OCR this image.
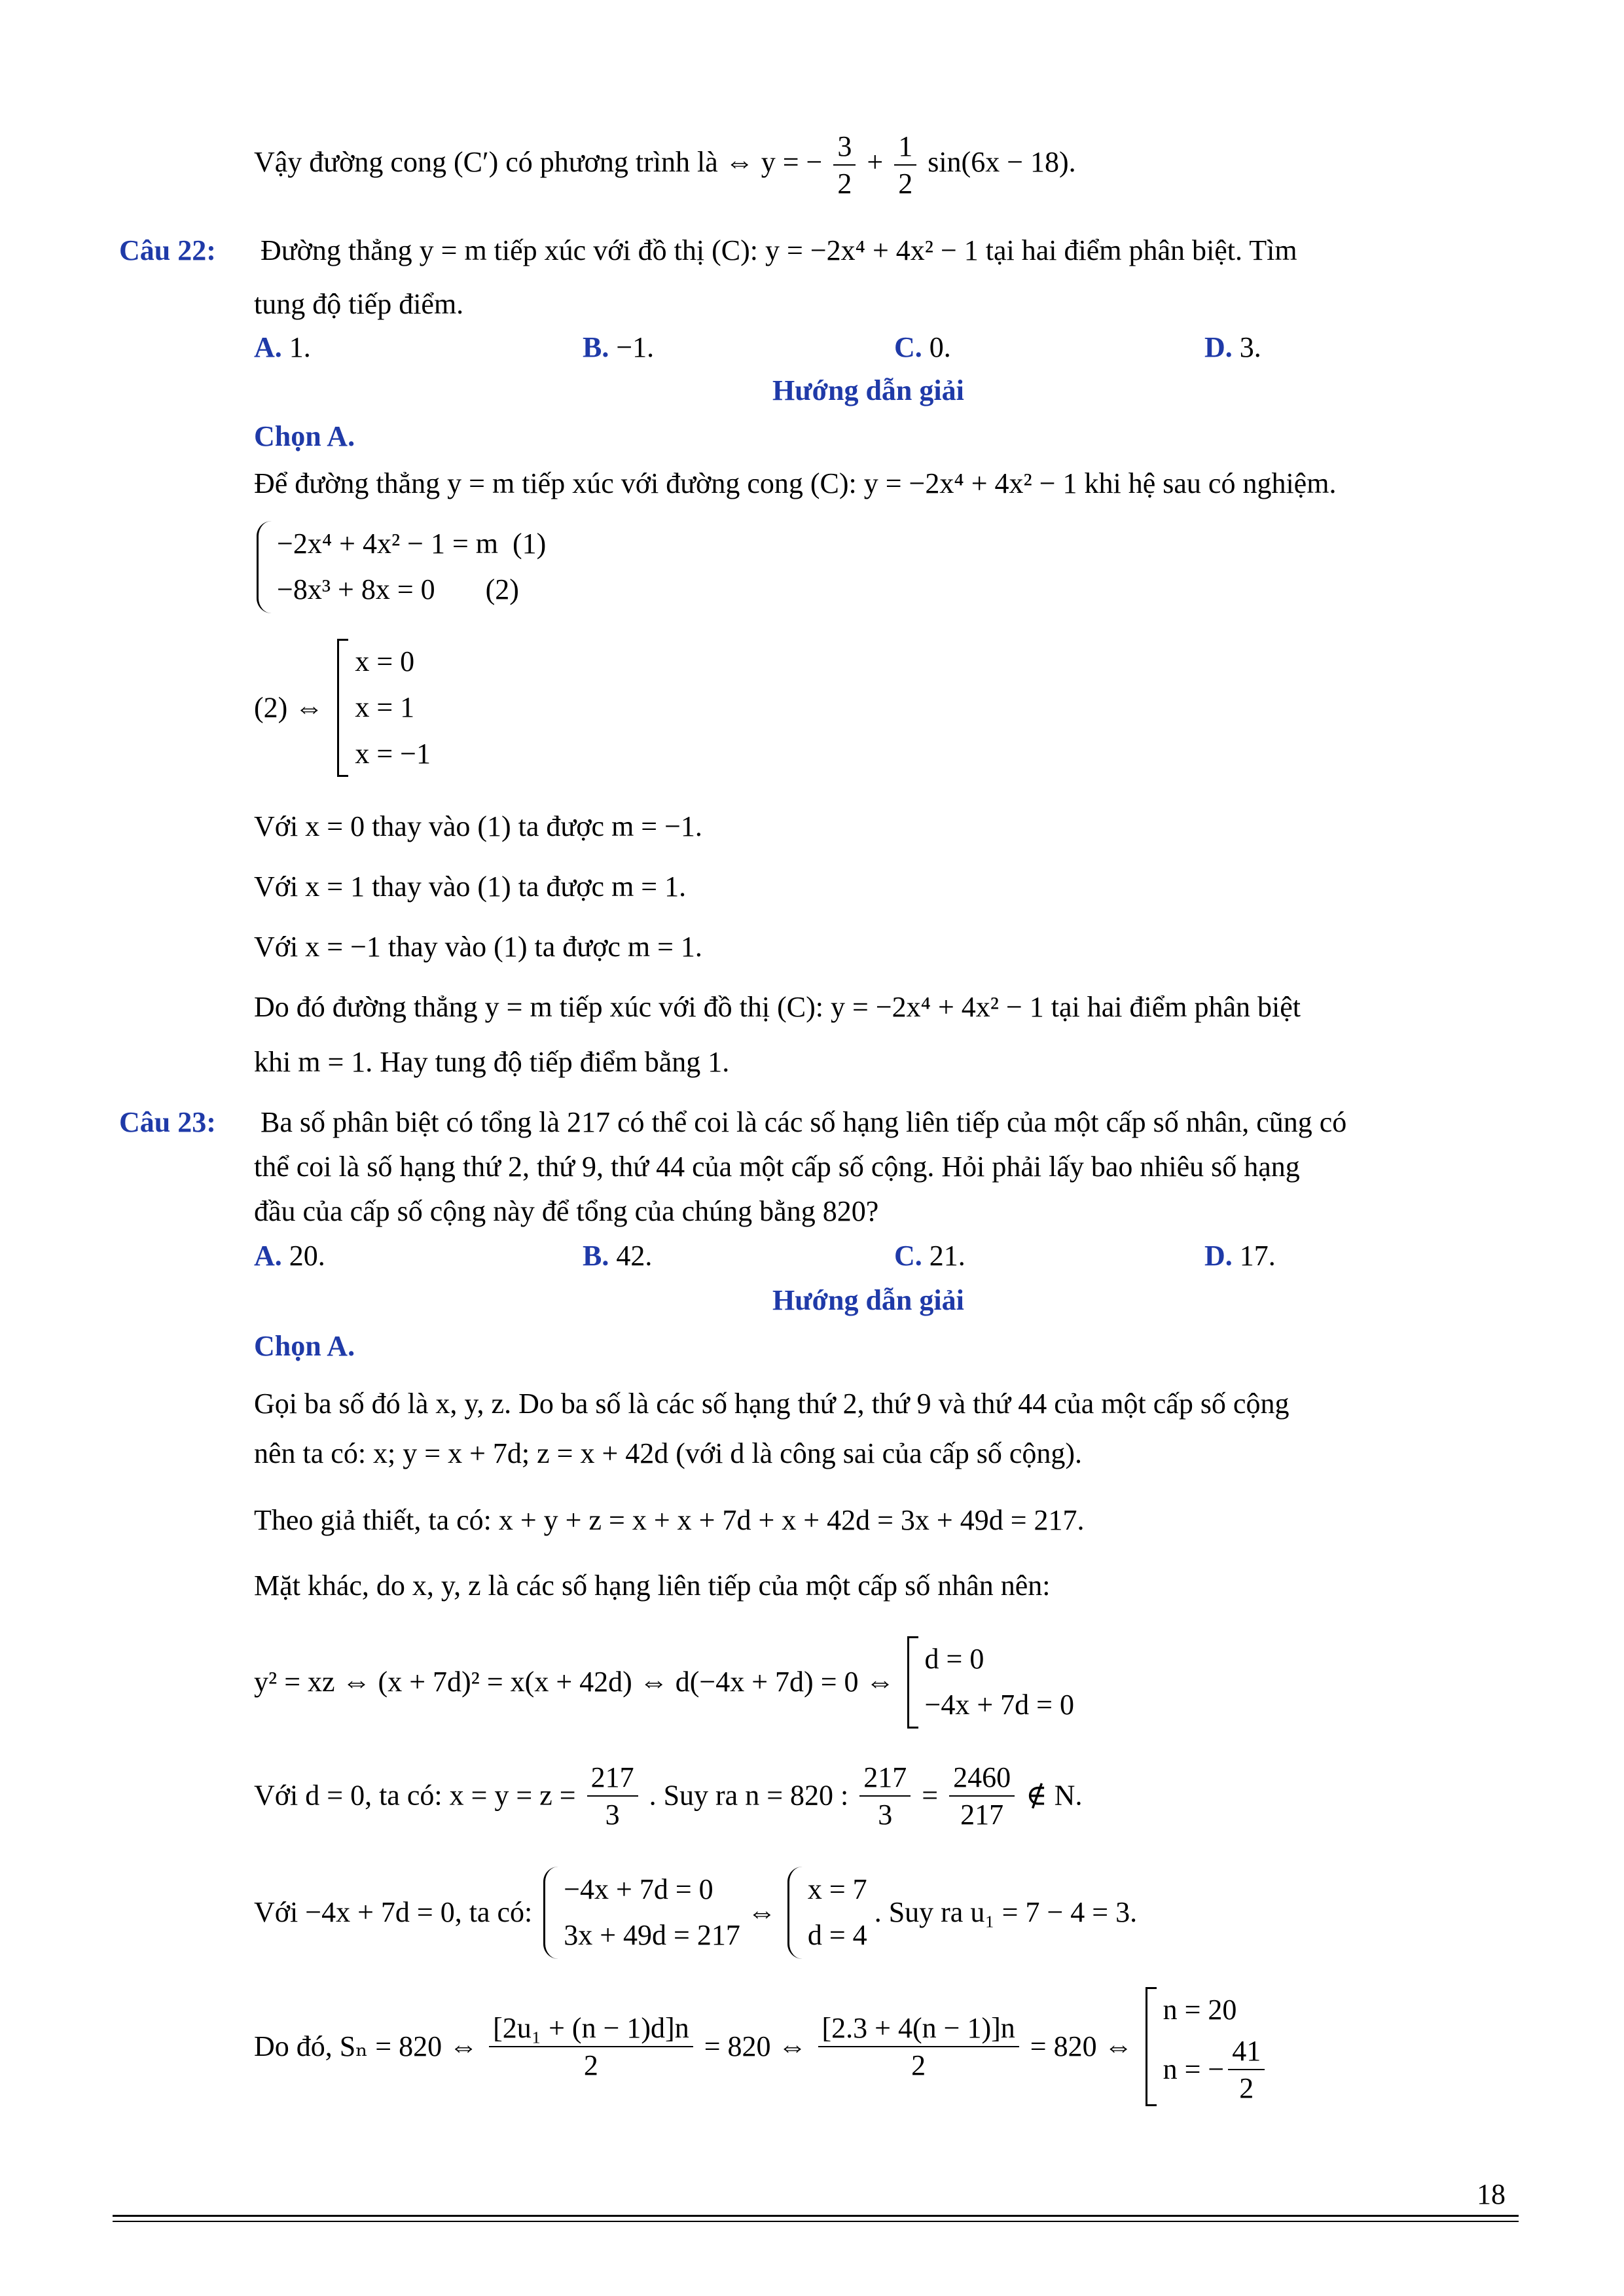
Vậy đường cong (C′) có phương trình là ⇔ y = − $\frac{3}{2} + \frac{1}{2} \sin(6x - 18)$.
Câu 22: Đường thẳng y = m tiếp xúc với đồ thị (C): y = −2x⁴ + 4x² − 1 tại hai điểm phân biệt. Tìm
tung độ tiếp điểm.
A. 1.	B. −1.	C. 0.	D. 3.
Hướng dẫn giải
Chọn A.
Để đường thẳng y = m tiếp xúc với đường cong (C): y = −2x⁴ + 4x² − 1 khi hệ sau có nghiệm.
−2x⁴ + 4x² − 1 = m (1)
−8x³ + 8x = 0 (2)
(2) ⇔
x = 0
x = 1
x = −1
Với x = 0 thay vào (1) ta được m = −1.
Với x = 1 thay vào (1) ta được m = 1.
Với x = −1 thay vào (1) ta được m = 1.
Do đó đường thẳng y = m tiếp xúc với đồ thị (C): y = −2x⁴ + 4x² − 1 tại hai điểm phân biệt
khi m = 1. Hay tung độ tiếp điểm bằng 1.
Câu 23: Ba số phân biệt có tổng là 217 có thể coi là các số hạng liên tiếp của một cấp số nhân, cũng có
thể coi là số hạng thứ 2, thứ 9, thứ 44 của một cấp số cộng. Hỏi phải lấy bao nhiêu số hạng
đầu của cấp số cộng này để tổng của chúng bằng 820?
A. 20.	B. 42.	C. 21.	D. 17.
Hướng dẫn giải
Chọn A.
Gọi ba số đó là x, y, z. Do ba số là các số hạng thứ 2, thứ 9 và thứ 44 của một cấp số cộng
nên ta có: x; y = x + 7d; z = x + 42d (với d là công sai của cấp số cộng).
Theo giả thiết, ta có: x + y + z = x + x + 7d + x + 42d = 3x + 49d = 217.
Mặt khác, do x, y, z là các số hạng liên tiếp của một cấp số nhân nên:
y² = xz ⇔ (x + 7d)² = x(x + 42d) ⇔ d(−4x + 7d) = 0 ⇔
d = 0
−4x + 7d = 0
Với d = 0, ta có: $x = y = z = \frac{217}{3}$ . Suy ra n = 820 : $\frac{217}{3} = \frac{2460}{217}$ ∉ N.
Với −4x + 7d = 0, ta có:
−4x + 7d = 0
3x + 49d = 217
⇔
x = 7
d = 4
. Suy ra u₁ = 7 − 4 = 3.
Do đó, Sₙ = 820 ⇔ $\frac{\text{[2u₁ + (n − 1)d]n}}{2} = 820$ ⇔ $\frac{[2.3 + 4(n - 1)]n}{2} = 820$ ⇔
n = 20
n = − $\frac{41}{2}$
18
